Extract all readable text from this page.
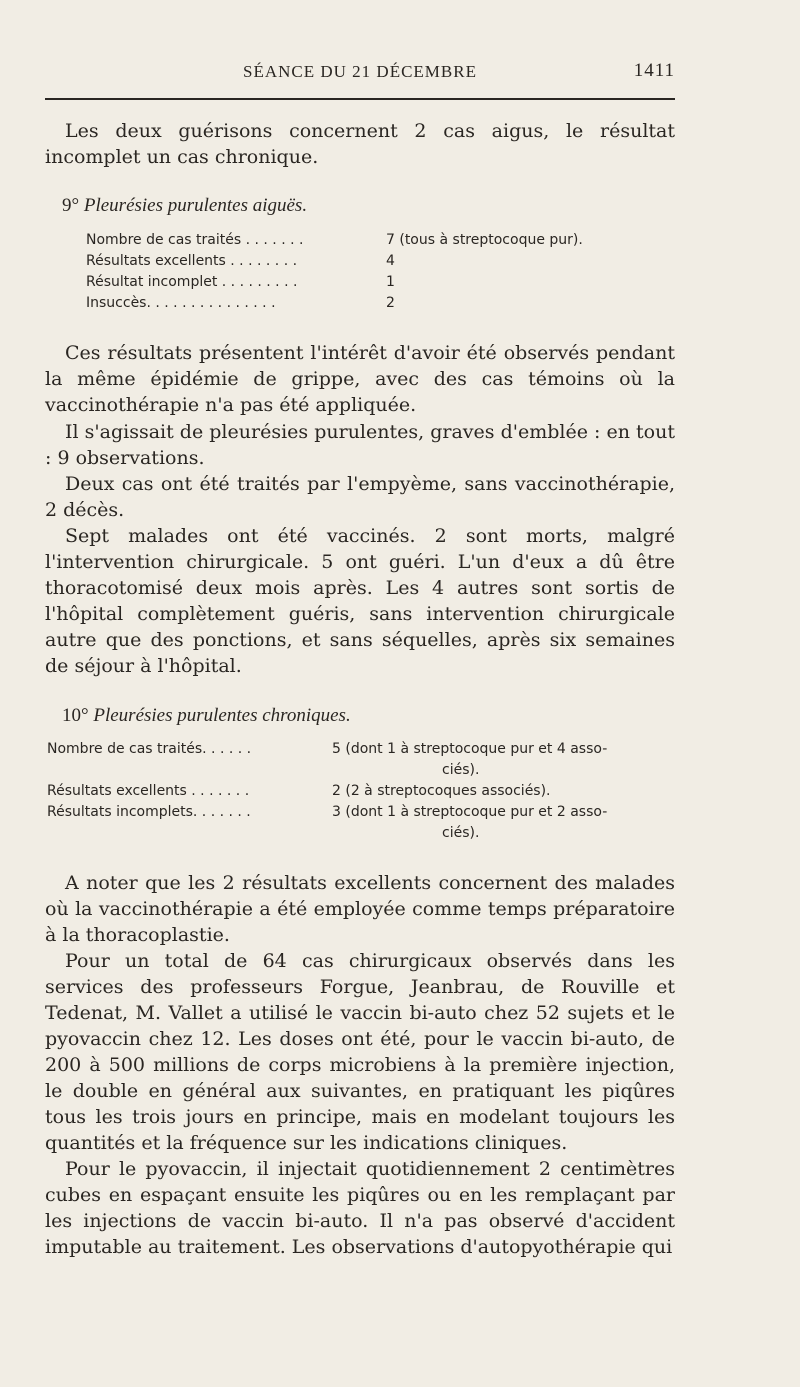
SÉANCE DU 21 DÉCEMBRE	1411

Les deux guérisons concernent 2 cas aigus, le résultat incomplet un cas chronique.

9° Pleurésies purulentes aiguës.
Nombre de cas traités . . . . . . .	7 (tous à streptocoque pur).
Résultats excellents . . . . . . . .	4
Résultat incomplet . . . . . . . . .	1
Insuccès. . . . . . . . . . . . . . .	2

Ces résultats présentent l'intérêt d'avoir été observés pendant la même épidémie de grippe, avec des cas témoins où la vaccinothérapie n'a pas été appliquée.

Il s'agissait de pleurésies purulentes, graves d'emblée : en tout : 9 observations.

Deux cas ont été traités par l'empyème, sans vaccinothérapie, 2 décès.

Sept malades ont été vaccinés. 2 sont morts, malgré l'intervention chirurgicale. 5 ont guéri. L'un d'eux a dû être thoracotomisé deux mois après. Les 4 autres sont sortis de l'hôpital complètement guéris, sans intervention chirurgicale autre que des ponctions, et sans séquelles, après six semaines de séjour à l'hôpital.

10° Pleurésies purulentes chroniques.
Nombre de cas traités. . . . . .	5 (dont 1 à streptocoque pur et 4 asso-
ciés).
Résultats excellents . . . . . . .	2 (2 à streptocoques associés).
Résultats incomplets. . . . . . .	3 (dont 1 à streptocoque pur et 2 asso-
ciés).

A noter que les 2 résultats excellents concernent des malades où la vaccinothérapie a été employée comme temps préparatoire à la thoracoplastie.

Pour un total de 64 cas chirurgicaux observés dans les services des professeurs Forgue, Jeanbrau, de Rouville et Tedenat, M. Vallet a utilisé le vaccin bi-auto chez 52 sujets et le pyovaccin chez 12. Les doses ont été, pour le vaccin bi-auto, de 200 à 500 millions de corps microbiens à la première injection, le double en général aux suivantes, en pratiquant les piqûres tous les trois jours en principe, mais en modelant toujours les quantités et la fréquence sur les indications cliniques.

Pour le pyovaccin, il injectait quotidiennement 2 centimètres cubes en espaçant ensuite les piqûres ou en les remplaçant par les injections de vaccin bi-auto. Il n'a pas observé d'accident imputable au traitement. Les observations d'autopyothérapie qui
